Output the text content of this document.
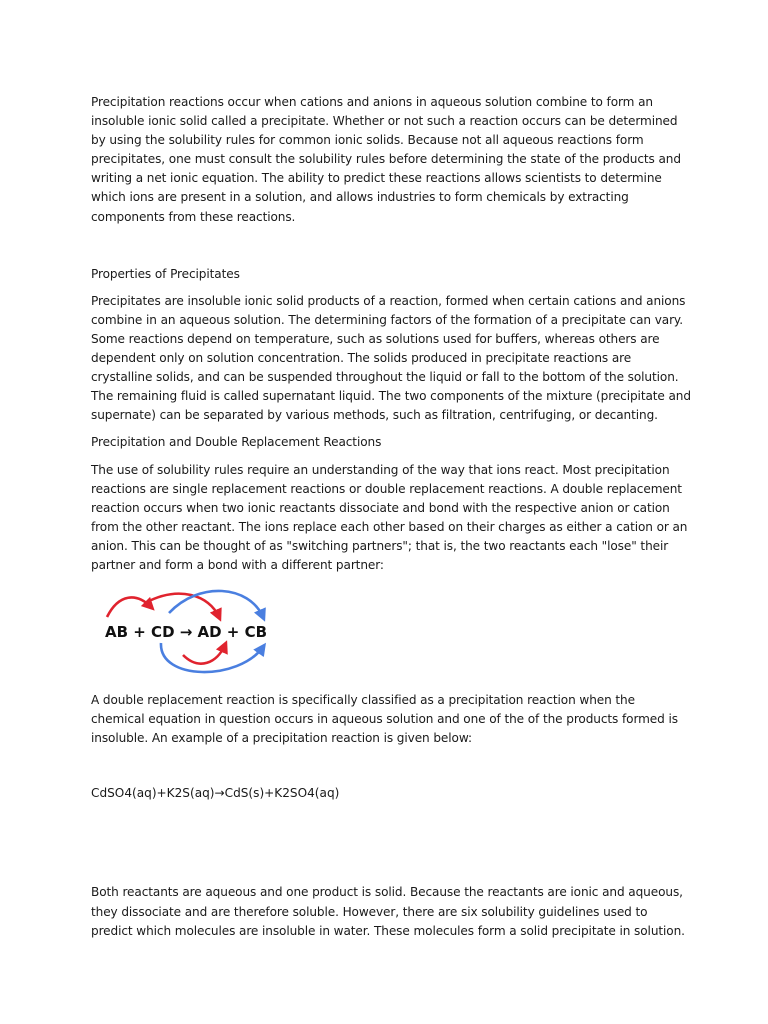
Precipitation reactions occur when cations and anions in aqueous solution combine to form an insoluble ionic solid called a precipitate. Whether or not such a reaction occurs can be determined by using the solubility rules for common ionic solids. Because not all aqueous reactions form precipitates, one must consult the solubility rules before determining the state of the products and writing a net ionic equation. The ability to predict these reactions allows scientists to determine which ions are present in a solution, and allows industries to form chemicals by extracting components from these reactions.

Properties of Precipitates

Precipitates are insoluble ionic solid products of a reaction, formed when certain cations and anions combine in an aqueous solution. The determining factors of the formation of a precipitate can vary. Some reactions depend on temperature, such as solutions used for buffers, whereas others are dependent only on solution concentration. The solids produced in precipitate reactions are crystalline solids, and can be suspended throughout the liquid or fall to the bottom of the solution. The remaining fluid is called supernatant liquid. The two components of the mixture (precipitate and supernate) can be separated by various methods, such as filtration, centrifuging, or decanting.

Precipitation and Double Replacement Reactions

The use of solubility rules require an understanding of the way that ions react. Most precipitation reactions are single replacement reactions or double replacement reactions. A double replacement reaction occurs when two ionic reactants dissociate and bond with the respective anion or cation from the other reactant. The ions replace each other based on their charges as either a cation or an anion. This can be thought of as "switching partners"; that is, the two reactants each "lose" their partner and form a bond with a different partner:

AB + CD → AD + CB

A double replacement reaction is specifically classified as a precipitation reaction when the chemical equation in question occurs in aqueous solution and one of the of the products formed is insoluble. An example of a precipitation reaction is given below:

CdSO4(aq)+K2S(aq)→CdS(s)+K2SO4(aq)

Both reactants are aqueous and one product is solid. Because the reactants are ionic and aqueous, they dissociate and are therefore soluble. However, there are six solubility guidelines used to predict which molecules are insoluble in water. These molecules form a solid precipitate in solution.
